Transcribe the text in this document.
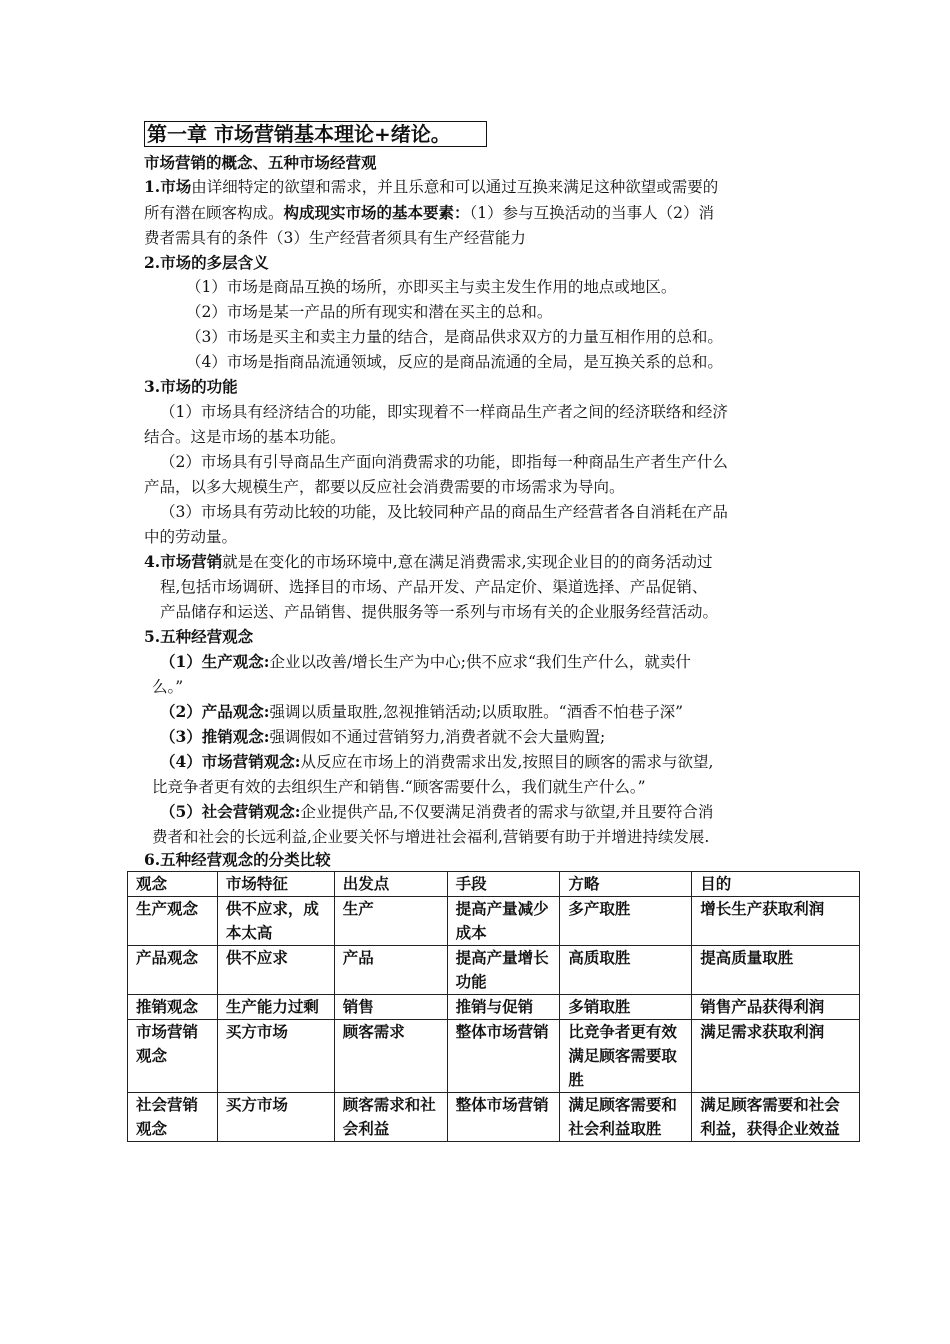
第一章 市场营销基本理论+绪论。
市场营销的概念、五种市场经营观
1.市场由详细特定的欲望和需求，并且乐意和可以通过互换来满足这种欲望或需要的
所有潜在顾客构成。构成现实市场的基本要素：（1）参与互换活动的当事人（2）消
费者需具有的条件（3）生产经营者须具有生产经营能力
2.市场的多层含义
（1）市场是商品互换的场所，亦即买主与卖主发生作用的地点或地区。
（2）市场是某一产品的所有现实和潜在买主的总和。
（3）市场是买主和卖主力量的结合，是商品供求双方的力量互相作用的总和。
（4）市场是指商品流通领域，反应的是商品流通的全局，是互换关系的总和。
3.市场的功能
（1）市场具有经济结合的功能，即实现着不一样商品生产者之间的经济联络和经济
结合。这是市场的基本功能。
（2）市场具有引导商品生产面向消费需求的功能，即指每一种商品生产者生产什么
产品，以多大规模生产，都要以反应社会消费需要的市场需求为导向。
（3）市场具有劳动比较的功能，及比较同种产品的商品生产经营者各自消耗在产品
中的劳动量。
4.市场营销就是在变化的市场环境中,意在满足消费需求,实现企业目的的商务活动过
程,包括市场调研、选择目的市场、产品开发、产品定价、渠道选择、产品促销、
产品储存和运送、产品销售、提供服务等一系列与市场有关的企业服务经营活动。
5.五种经营观念
（1）生产观念:企业以改善/增长生产为中心;供不应求“我们生产什么，就卖什
么。”
（2）产品观念:强调以质量取胜,忽视推销活动;以质取胜。“酒香不怕巷子深”
（3）推销观念:强调假如不通过营销努力,消费者就不会大量购置;
（4）市场营销观念:从反应在市场上的消费需求出发,按照目的顾客的需求与欲望,
比竞争者更有效的去组织生产和销售.“顾客需要什么，我们就生产什么。”
（5）社会营销观念:企业提供产品,不仅要满足消费者的需求与欲望,并且要符合消
费者和社会的长远利益,企业要关怀与增进社会福利,营销要有助于并增进持续发展.
6.五种经营观念的分类比较
观念	市场特征	出发点	手段	方略	目的
生产观念	供不应求，成本太高	生产	提高产量减少成本	多产取胜	增长生产获取利润
产品观念	供不应求	产品	提高产量增长功能	高质取胜	提高质量取胜
推销观念	生产能力过剩	销售	推销与促销	多销取胜	销售产品获得利润
市场营销观念	买方市场	顾客需求	整体市场营销	比竞争者更有效满足顾客需要取胜	满足需求获取利润
社会营销观念	买方市场	顾客需求和社会利益	整体市场营销	满足顾客需要和社会利益取胜	满足顾客需要和社会利益，获得企业效益
